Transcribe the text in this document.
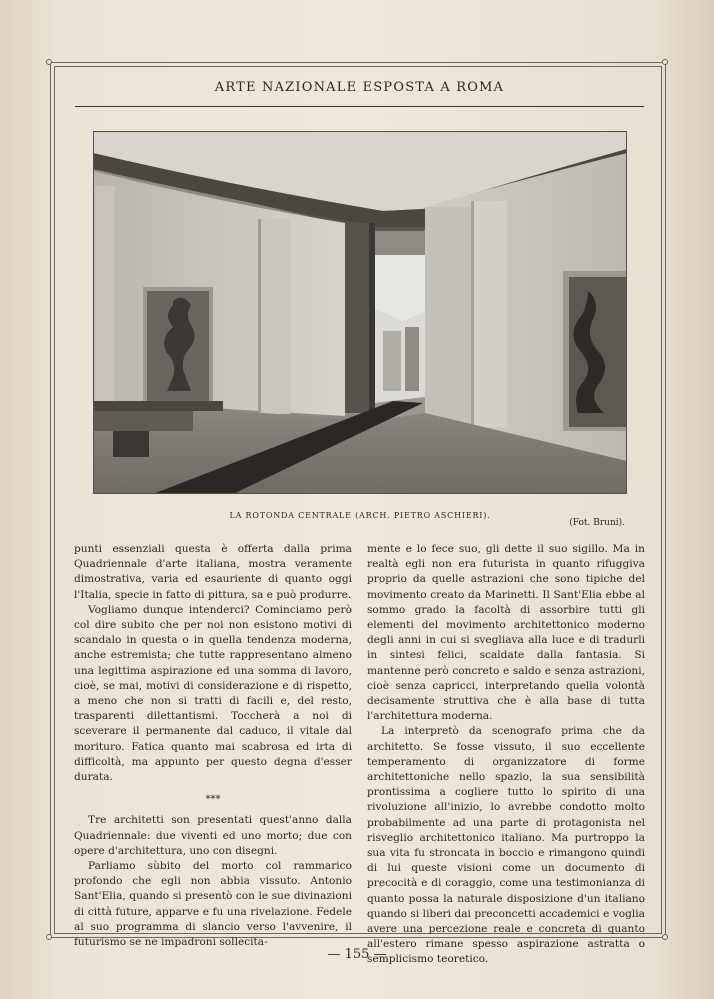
ARTE NAZIONALE ESPOSTA A ROMA
LA ROTONDA CENTRALE (ARCH. PIETRO ASCHIERI).
(Fot. Bruni).

punti essenziali questa è offerta dalla prima Quadriennale d'arte italiana, mostra veramente dimostrativa, varia ed esauriente di quanto oggi l'Italia, specie in fatto di pittura, sa e può produrre.

Vogliamo dunque intenderci? Cominciamo però col dire subito che per noi non esistono motivi di scandalo in questa o in quella tendenza moderna, anche estremista; che tutte rappresentano almeno una legittima aspirazione ed una somma di lavoro, cioè, se mai, motivi di considerazione e di rispetto, a meno che non si tratti di facili e, del resto, trasparenti dilettantismi. Toccherà a noi di sceverare il permanente dal caduco, il vitale dal morituro. Fatica quanto mai scabrosa ed irta di difficoltà, ma appunto per questo degna d'esser durata.

***

Tre architetti son presentati quest'anno dalla Quadriennale: due viventi ed uno morto; due con opere d'architettura, uno con disegni.

Parliamo sùbito del morto col rammarico profondo che egli non abbia vissuto. Antonio Sant'Elia, quando si presentò con le sue divinazioni di città future, apparve e fu una rivelazione. Fedele al suo programma di slancio verso l'avvenire, il futurismo se ne impadroni sollecita-

mente e lo fece suo, gli dette il suo sigillo. Ma in realtà egli non era futurista in quanto rifuggiva proprio da quelle astrazioni che sono tipiche del movimento creato da Marinetti. Il Sant'Elia ebbe al sommo grado la facoltà di assorbire tutti gli elementi del movimento architettonico moderno degli anni in cui si svegliava alla luce e di tradurli in sintesi felici, scaldate dalla fantasia. Si mantenne però concreto e saldo e senza astrazioni, cioè senza capricci, interpretando quella volontà decisamente struttiva che è alla base di tutta l'architettura moderna.

La interpretò da scenografo prima che da architetto. Se fosse vissuto, il suo eccellente temperamento di organizzatore di forme architettoniche nello spazio, la sua sensibilità prontissima a cogliere tutto lo spirito di una rivoluzione all'inizio, lo avrebbe condotto molto probabilmente ad una parte di protagonista nel risveglio architettonico italiano. Ma purtroppo la sua vita fu stroncata in boccio e rimangono quindi di lui queste visioni come un documento di precocità e di coraggio, come una testimonianza di quanto possa la naturale disposizione d'un italiano quando si liberi dai preconcetti accademici e voglia avere una percezione reale e concreta di quanto all'estero rimane spesso aspirazione astratta o semplicismo teoretico.

— 155 —
